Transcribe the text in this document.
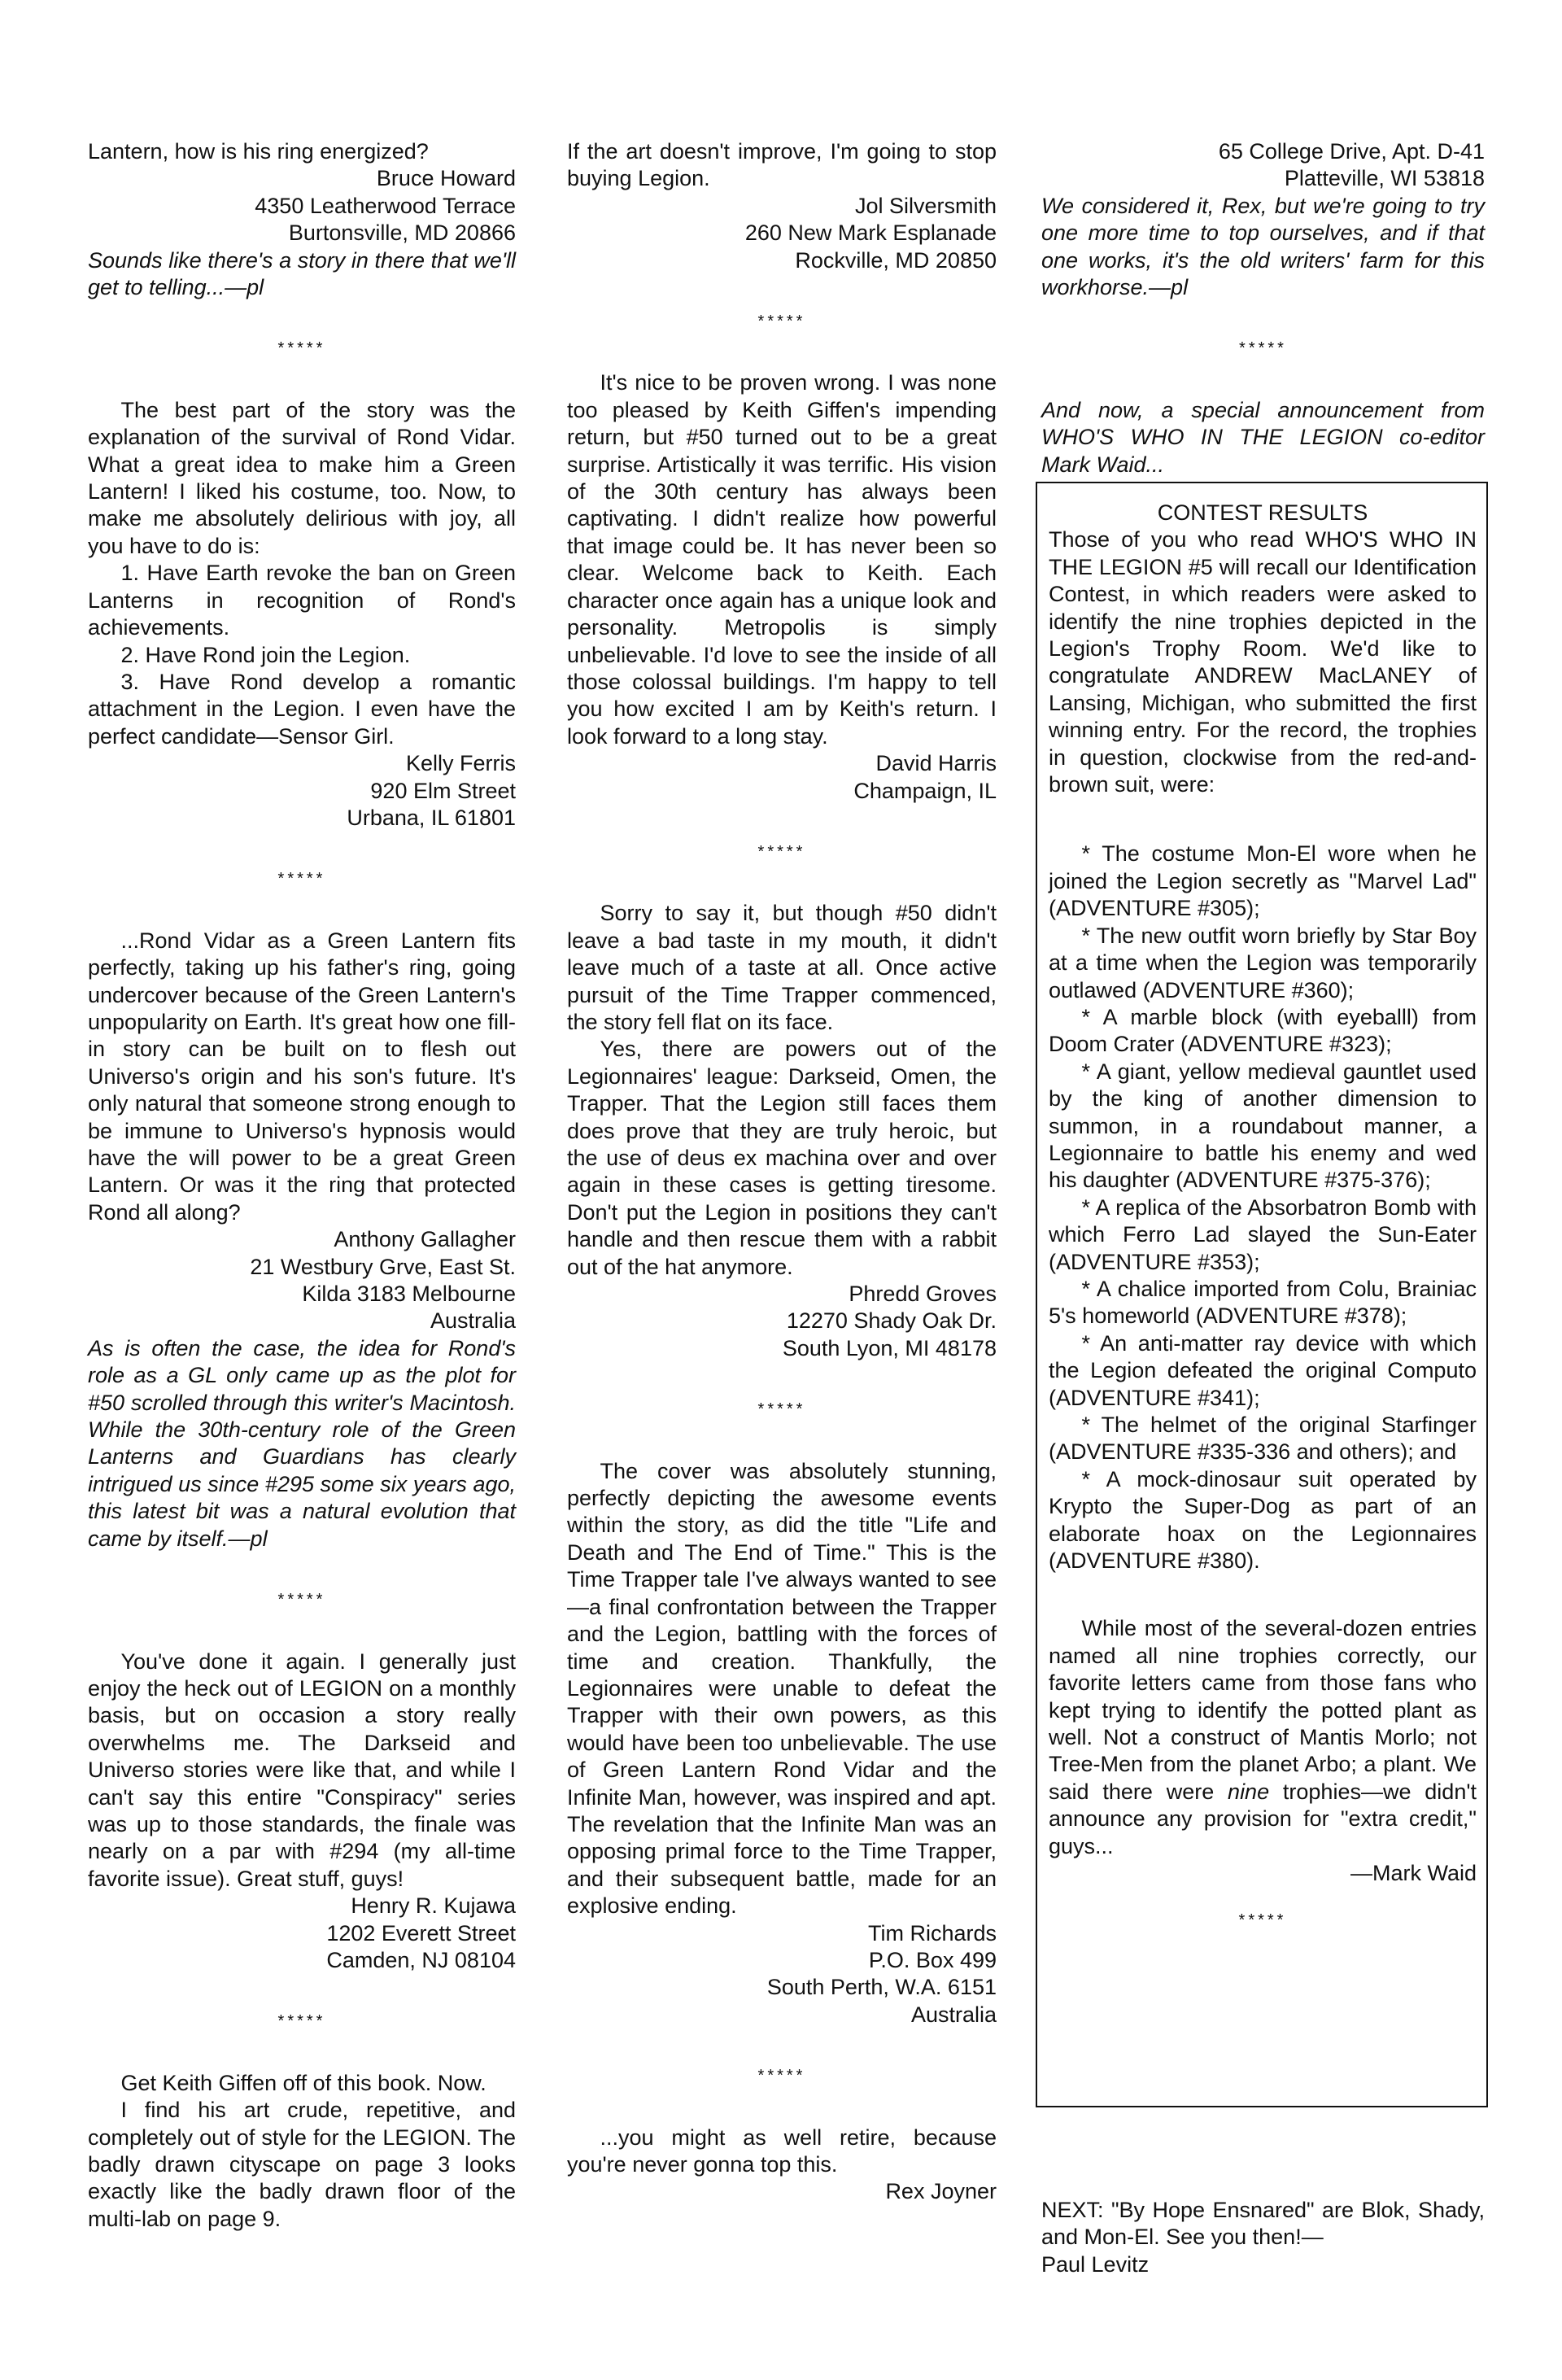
Lantern, how is his ring energized?

Bruce Howard

4350 Leatherwood Terrace

Burtonsville, MD 20866

Sounds like there's a story in there that we'll get to telling...—pl

*****

The best part of the story was the explanation of the survival of Rond Vidar. What a great idea to make him a Green Lantern! I liked his costume, too. Now, to make me absolutely delirious with joy, all you have to do is:

1. Have Earth revoke the ban on Green Lanterns in recognition of Rond's achievements.

2. Have Rond join the Legion.

3. Have Rond develop a romantic attachment in the Legion. I even have the perfect candidate—Sensor Girl.

Kelly Ferris

920 Elm Street

Urbana, IL 61801

*****

...Rond Vidar as a Green Lantern fits perfectly, taking up his father's ring, going undercover because of the Green Lantern's unpopularity on Earth. It's great how one fill-in story can be built on to flesh out Universo's origin and his son's future. It's only natural that someone strong enough to be immune to Universo's hypnosis would have the will power to be a great Green Lantern. Or was it the ring that protected Rond all along?

Anthony Gallagher

21 Westbury Grve, East St.

Kilda 3183 Melbourne

Australia

As is often the case, the idea for Rond's role as a GL only came up as the plot for #50 scrolled through this writer's Macintosh. While the 30th-century role of the Green Lanterns and Guardians has clearly intrigued us since #295 some six years ago, this latest bit was a natural evolution that came by itself.—pl

*****

You've done it again. I generally just enjoy the heck out of LEGION on a monthly basis, but on occasion a story really overwhelms me. The Darkseid and Universo stories were like that, and while I can't say this entire "Conspiracy" series was up to those standards, the finale was nearly on a par with #294 (my all-time favorite issue). Great stuff, guys!

Henry R. Kujawa

1202 Everett Street

Camden, NJ 08104

*****

Get Keith Giffen off of this book. Now.

I find his art crude, repetitive, and completely out of style for the LEGION. The badly drawn cityscape on page 3 looks exactly like the badly drawn floor of the multi-lab on page 9.

If the art doesn't improve, I'm going to stop buying Legion.

Jol Silversmith

260 New Mark Esplanade

Rockville, MD 20850

*****

It's nice to be proven wrong. I was none too pleased by Keith Giffen's impending return, but #50 turned out to be a great surprise. Artistically it was terrific. His vision of the 30th century has always been captivating. I didn't realize how powerful that image could be. It has never been so clear. Welcome back to Keith. Each character once again has a unique look and personality. Metropolis is simply unbelievable. I'd love to see the inside of all those colossal buildings. I'm happy to tell you how excited I am by Keith's return. I look forward to a long stay.

David Harris

Champaign, IL

*****

Sorry to say it, but though #50 didn't leave a bad taste in my mouth, it didn't leave much of a taste at all. Once active pursuit of the Time Trapper commenced, the story fell flat on its face.

Yes, there are powers out of the Legionnaires' league: Darkseid, Omen, the Trapper. That the Legion still faces them does prove that they are truly heroic, but the use of deus ex machina over and over again in these cases is getting tiresome. Don't put the Legion in positions they can't handle and then rescue them with a rabbit out of the hat anymore.

Phredd Groves

12270 Shady Oak Dr.

South Lyon, MI 48178

*****

The cover was absolutely stunning, perfectly depicting the awesome events within the story, as did the title "Life and Death and The End of Time." This is the Time Trapper tale I've always wanted to see—a final confrontation between the Trapper and the Legion, battling with the forces of time and creation. Thankfully, the Legionnaires were unable to defeat the Trapper with their own powers, as this would have been too unbelievable. The use of Green Lantern Rond Vidar and the Infinite Man, however, was inspired and apt. The revelation that the Infinite Man was an opposing primal force to the Time Trapper, and their subsequent battle, made for an explosive ending.

Tim Richards

P.O. Box 499

South Perth, W.A. 6151

Australia

*****

...you might as well retire, because you're never gonna top this.

Rex Joyner

65 College Drive, Apt. D-41

Platteville, WI 53818

We considered it, Rex, but we're going to try one more time to top ourselves, and if that one works, it's the old writers' farm for this workhorse.—pl

*****

And now, a special announcement from WHO'S WHO IN THE LEGION co-editor Mark Waid...

CONTEST RESULTS

Those of you who read WHO'S WHO IN THE LEGION #5 will recall our Identification Contest, in which readers were asked to identify the nine trophies depicted in the Legion's Trophy Room. We'd like to congratulate ANDREW MacLANEY of Lansing, Michigan, who submitted the first winning entry. For the record, the trophies in question, clockwise from the red-and-brown suit, were:

* The costume Mon-El wore when he joined the Legion secretly as "Marvel Lad" (ADVENTURE #305);

* The new outfit worn briefly by Star Boy at a time when the Legion was temporarily outlawed (ADVENTURE #360);

* A marble block (with eyeballl) from Doom Crater (ADVENTURE #323);

* A giant, yellow medieval gauntlet used by the king of another dimension to summon, in a roundabout manner, a Legionnaire to battle his enemy and wed his daughter (ADVENTURE #375-376);

* A replica of the Absorbatron Bomb with which Ferro Lad slayed the Sun-Eater (ADVENTURE #353);

* A chalice imported from Colu, Brainiac 5's homeworld (ADVENTURE #378);

* An anti-matter ray device with which the Legion defeated the original Computo (ADVENTURE #341);

* The helmet of the original Starfinger (ADVENTURE #335-336 and others); and

* A mock-dinosaur suit operated by Krypto the Super-Dog as part of an elaborate hoax on the Legionnaires (ADVENTURE #380).

While most of the several-dozen entries named all nine trophies correctly, our favorite letters came from those fans who kept trying to identify the potted plant as well. Not a construct of Mantis Morlo; not Tree-Men from the planet Arbo; a plant. We said there were nine trophies—we didn't announce any provision for "extra credit," guys...

—Mark Waid

*****

NEXT: "By Hope Ensnared" are Blok, Shady, and Mon-El. See you then!—

Paul Levitz
